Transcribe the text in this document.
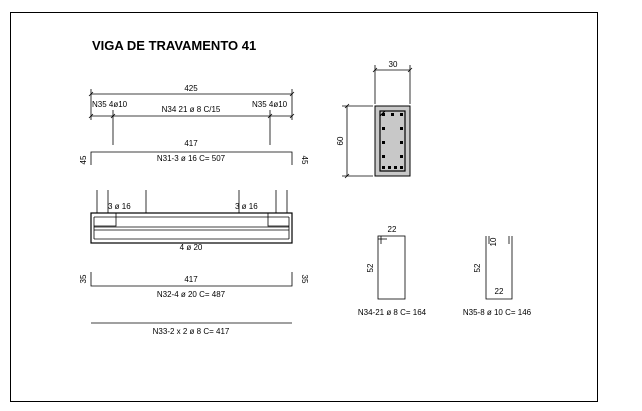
VIGA DE TRAVAMENTO 41
425
N35 4ø10
N34 21 ø 8 C/15
N35 4ø10
417
N31-3 ø 16 C= 507
45	45
3 ø 16	3 ø 16
4 ø 20
417
N32-4 ø 20 C= 487
35	35
N33-2 x 2 ø 8 C= 417
30
60
22
52
N34-21 ø 8 C= 164
10
52
22
N35-8 ø 10 C= 146
